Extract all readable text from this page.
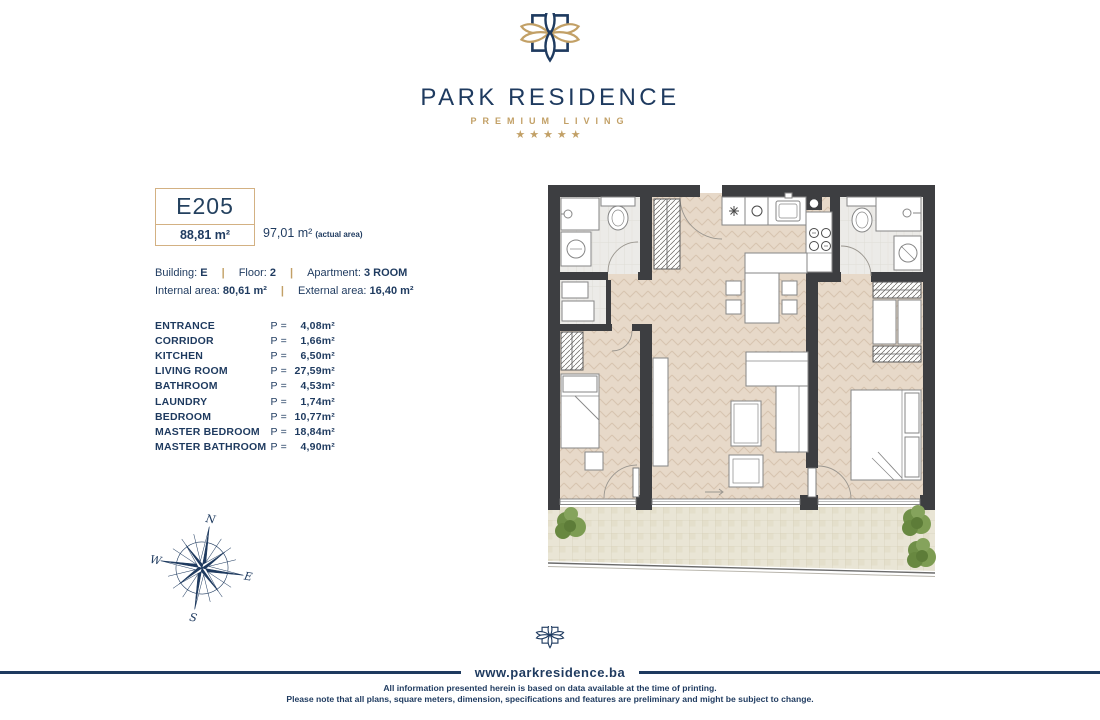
PARK RESIDENCE
PREMIUM LIVING
★★★★★
E205
88,81 m²	97,01 m² (actual area)
Building: E | Floor: 2 | Apartment: 3 ROOM
Internal area: 80,61 m² | External area: 16,40 m²
ENTRANCE	P =	4,08m²
CORRIDOR	P =	1,66m²
KITCHEN	P =	6,50m²
LIVING ROOM	P = 27,59m²
BATHROOM	P =	4,53m²
LAUNDRY	P =	1,74m²
BEDROOM	P = 10,77m²
MASTER BEDROOM	P = 18,84m²
MASTER BATHROOM P =	4,90m²
N
E
S
W
www.parkresidence.ba
All information presented herein is based on data available at the time of printing.
Please note that all plans, square meters, dimension, specifications and features are preliminary and might be subject to change.
